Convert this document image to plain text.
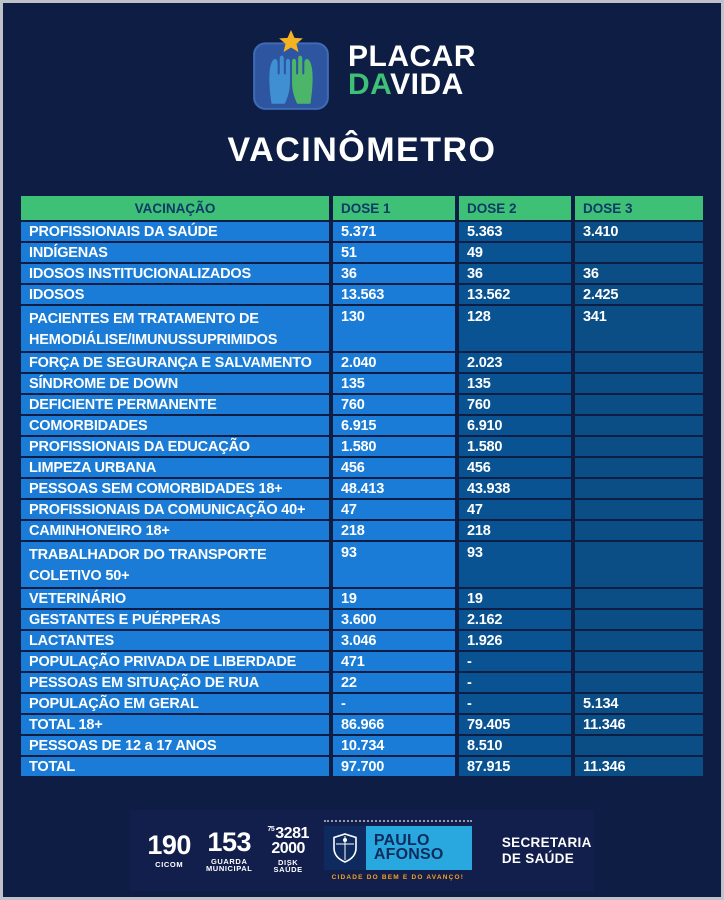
PLACAR
DAVIDA
VACINÔMETRO
VACINAÇÃO	DOSE 1	DOSE 2	DOSE 3
PROFISSIONAIS DA SAÚDE	5.371	5.363	3.410
INDÍGENAS	51	49
IDOSOS INSTITUCIONALIZADOS	36	36	36
IDOSOS	13.563	13.562	2.425
PACIENTES EM TRATAMENTO DE
HEMODIÁLISE/IMUNUSSUPRIMIDOS
130	128	341
FORÇA DE SEGURANÇA E SALVAMENTO	2.040	2.023
SÍNDROME DE DOWN	135	135
DEFICIENTE PERMANENTE	760	760
COMORBIDADES	6.915	6.910
PROFISSIONAIS DA EDUCAÇÃO	1.580	1.580
LIMPEZA URBANA	456	456
PESSOAS SEM COMORBIDADES 18+	48.413	43.938
PROFISSIONAIS DA COMUNICAÇÃO 40+	47	47
CAMINHONEIRO 18+	218	218
TRABALHADOR DO TRANSPORTE
COLETIVO 50+
93	93
VETERINÁRIO	19	19
GESTANTES E PUÉRPERAS	3.600	2.162
LACTANTES	3.046	1.926
POPULAÇÃO PRIVADA DE LIBERDADE	471	-
PESSOAS EM SITUAÇÃO DE RUA	22	-
POPULAÇÃO EM GERAL	-	-	5.134
TOTAL 18+	86.966	79.405	11.346
PESSOAS DE 12 a 17 ANOS	10.734	8.510
TOTAL	97.700	87.915	11.346
190
CICOM
153
GUARDA MUNICIPAL
$^{75}$3281
2000
DISK SAÚDE
PAULO
AFONSO
CIDADE DO BEM E DO AVANÇO!
SECRETARIA
DE SAÚDE
